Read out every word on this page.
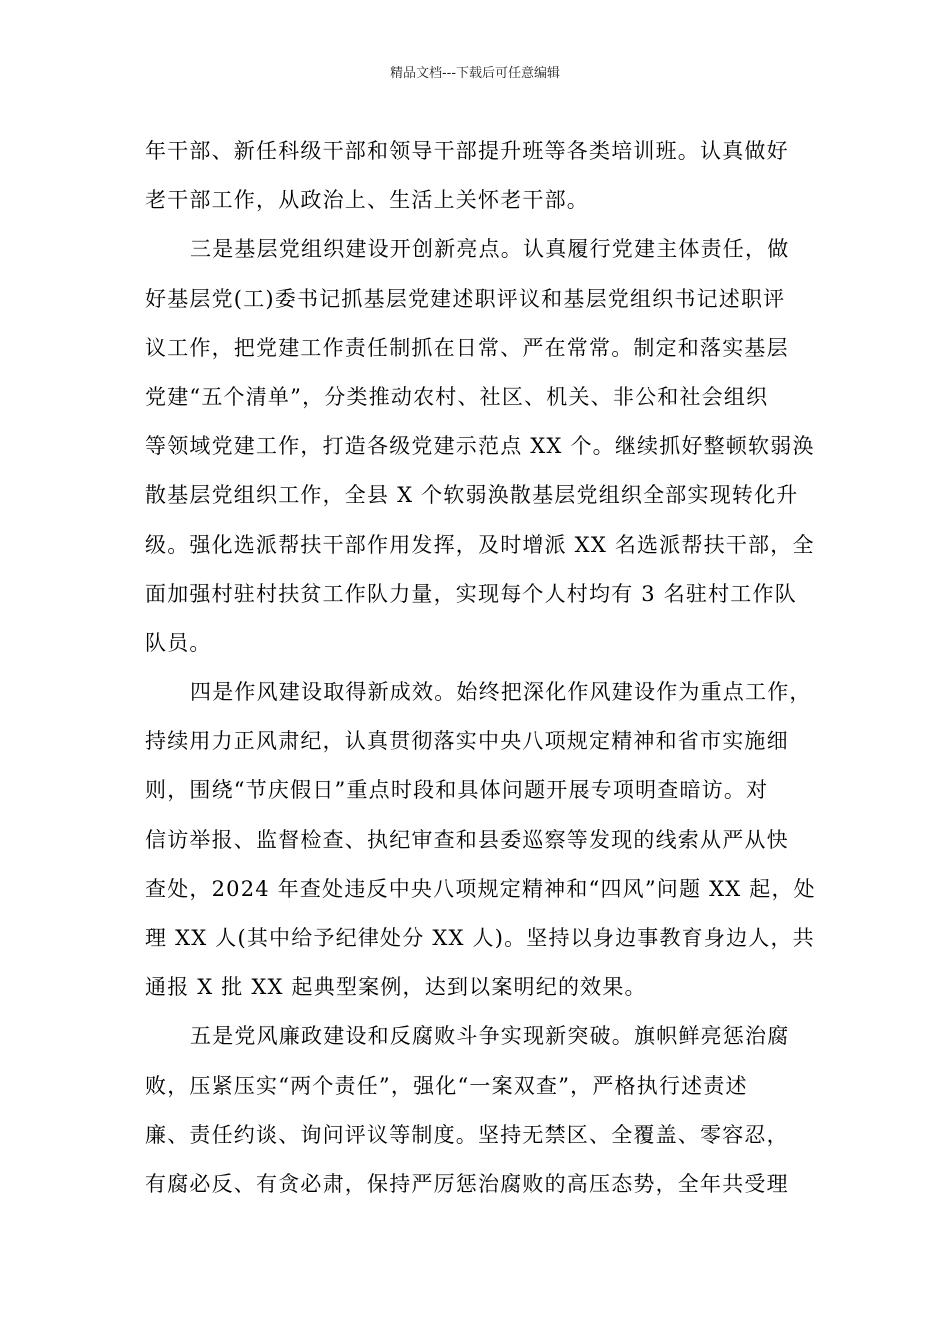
精品文档---下载后可任意编辑
年干部、新任科级干部和领导干部提升班等各类培训班。认真做好
老干部工作，从政治上、生活上关怀老干部。
三是基层党组织建设开创新亮点。认真履行党建主体责任，做
好基层党(工)委书记抓基层党建述职评议和基层党组织书记述职评
议工作，把党建工作责任制抓在日常、严在常常。制定和落实基层
党建“五个清单”，分类推动农村、社区、机关、非公和社会组织
等领域党建工作，打造各级党建示范点 XX 个。继续抓好整顿软弱涣
散基层党组织工作，全县 X 个软弱涣散基层党组织全部实现转化升
级。强化选派帮扶干部作用发挥，及时增派 XX 名选派帮扶干部，全
面加强村驻村扶贫工作队力量，实现每个人村均有 3 名驻村工作队
队员。
四是作风建设取得新成效。始终把深化作风建设作为重点工作，
持续用力正风肃纪，认真贯彻落实中央八项规定精神和省市实施细
则，围绕“节庆假日”重点时段和具体问题开展专项明查暗访。对
信访举报、监督检查、执纪审查和县委巡察等发现的线索从严从快
查处，2024 年查处违反中央八项规定精神和“四风”问题 XX 起，处
理 XX 人(其中给予纪律处分 XX 人)。坚持以身边事教育身边人，共
通报 X 批 XX 起典型案例，达到以案明纪的效果。
五是党风廉政建设和反腐败斗争实现新突破。旗帜鲜亮惩治腐
败，压紧压实“两个责任”，强化“一案双查”，严格执行述责述
廉、责任约谈、询问评议等制度。坚持无禁区、全覆盖、零容忍，
有腐必反、有贪必肃，保持严厉惩治腐败的高压态势，全年共受理
